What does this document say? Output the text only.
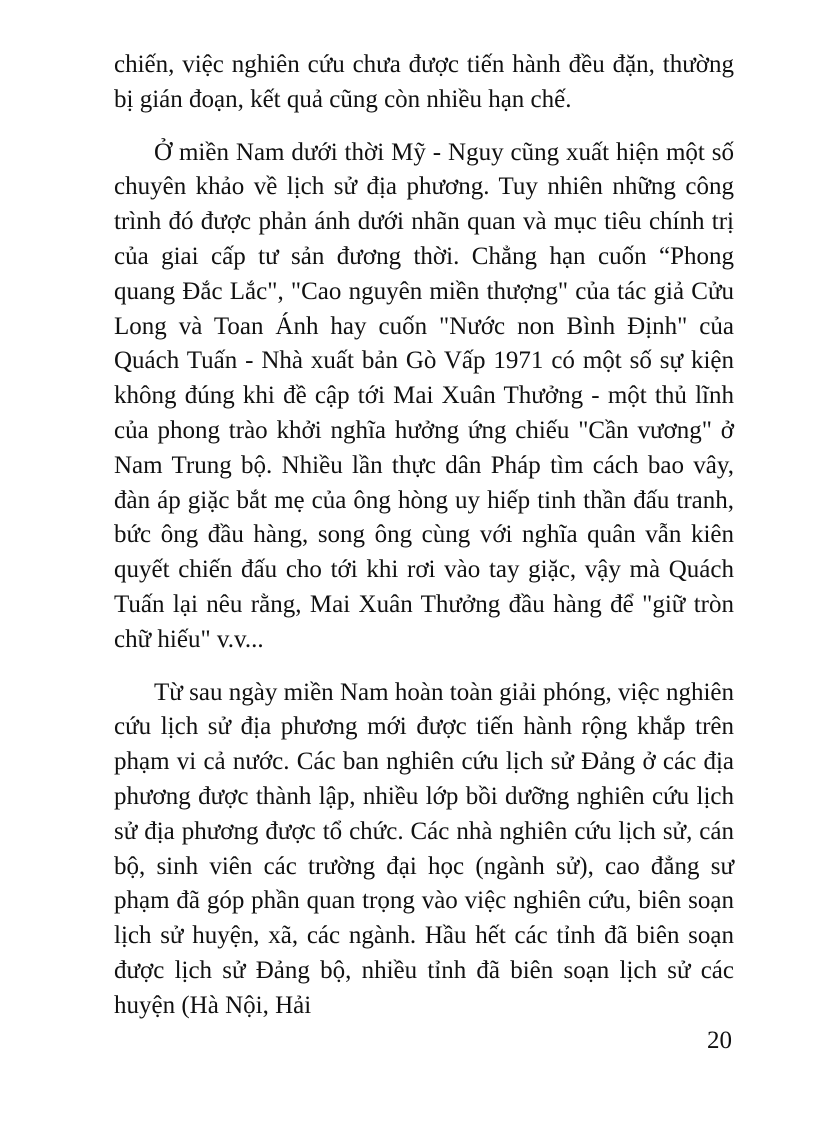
chiến, việc nghiên cứu chưa được tiến hành đều đặn, thường bị gián đoạn, kết quả cũng còn nhiều hạn chế.

Ở miền Nam dưới thời Mỹ - Nguy cũng xuất hiện một số chuyên khảo về lịch sử địa phương. Tuy nhiên những công trình đó được phản ánh dưới nhãn quan và mục tiêu chính trị của giai cấp tư sản đương thời. Chẳng hạn cuốn “Phong quang Đắc Lắc", "Cao nguyên miền thượng" của tác giả Cửu Long và Toan Ánh hay cuốn "Nước non Bình Định" của Quách Tuấn - Nhà xuất bản Gò Vấp 1971 có một số sự kiện không đúng khi đề cập tới Mai Xuân Thưởng - một thủ lĩnh của phong trào khởi nghĩa hưởng ứng chiếu "Cần vương" ở Nam Trung bộ. Nhiều lần thực dân Pháp tìm cách bao vây, đàn áp giặc bắt mẹ của ông hòng uy hiếp tinh thần đấu tranh, bức ông đầu hàng, song ông cùng với nghĩa quân vẫn kiên quyết chiến đấu cho tới khi rơi vào tay giặc, vậy mà Quách Tuấn lại nêu rằng, Mai Xuân Thưởng đầu hàng để "giữ tròn chữ hiếu" v.v...

Từ sau ngày miền Nam hoàn toàn giải phóng, việc nghiên cứu lịch sử địa phương mới được tiến hành rộng khắp trên phạm vi cả nước. Các ban nghiên cứu lịch sử Đảng ở các địa phương được thành lập, nhiều lớp bồi dưỡng nghiên cứu lịch sử địa phương được tổ chức. Các nhà nghiên cứu lịch sử, cán bộ, sinh viên các trường đại học (ngành sử), cao đẳng sư phạm đã góp phần quan trọng vào việc nghiên cứu, biên soạn lịch sử huyện, xã, các ngành. Hầu hết các tỉnh đã biên soạn được lịch sử Đảng bộ, nhiều tỉnh đã biên soạn lịch sử các huyện (Hà Nội, Hải

20
